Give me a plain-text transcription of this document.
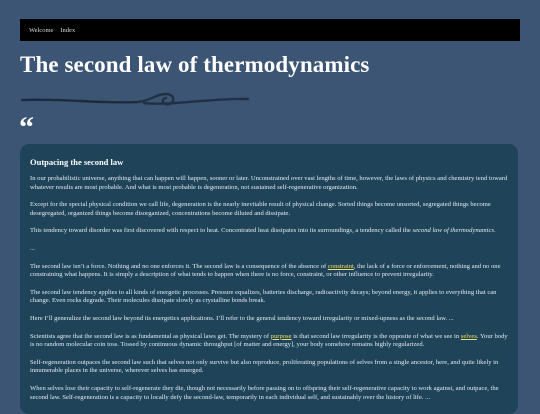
Welcome Index
The second law of thermodynamics
“
Outpacing the second law

In our probabilistic universe, anything that can happen will happen, sooner or later. Unconstrained over vast lengths of time, however, the laws of physics and chemistry tend toward whatever results are most probable. And what is most probable is degeneration, not sustained self-regenerative organization.

Except for the special physical condition we call life, degeneration is the nearly inevitable result of physical change. Sorted things become unsorted, segregated things become desegregated, organized things become disorganized, concentrations become diluted and dissipate.

This tendency toward disorder was first discovered with respect to heat. Concentrated heat dissipates into its surroundings, a tendency called the second law of thermodynamics.

...

The second law isn’t a force. Nothing and no one enforces it. The second law is a consequence of the absence of constraint, the lack of a force or enforcement, nothing and no one constraining what happens. It is simply a description of what tends to happen when there is no force, constraint, or other influence to prevent irregularity.

The second law tendency applies to all kinds of energetic processes. Pressure equalizes, batteries discharge, radioactivity decays; beyond energy, it applies to everything that can change. Even rocks degrade. Their molecules dissipate slowly as crystalline bonds break.

Here I’ll generalize the second law beyond its energetics applications. I’ll refer to the general tendency toward irregularity or mixed-upness as the second law. ...

Scientists agree that the second law is as fundamental as physical laws get. The mystery of purpose is that second law irregularity is the opposite of what we see in selves. Your body is no random molecular coin toss. Tossed by continuous dynamic throughput [of matter and energy], your body somehow remains highly regularized.

Self-regeneration outpaces the second law such that selves not only survive but also reproduce, proliferating populations of selves from a single ancestor, here, and quite likely in innumerable places in the universe, wherever selves has emerged.

When selves lose their capacity to self-regenerate they die, though not necessarily before passing on to offspring their self-regenerative capacity to work against, and outpace, the second law. Self-regeneration is a capacity to locally defy the second-law, temporarily in each individual self, and sustainably over the history of life. ...
